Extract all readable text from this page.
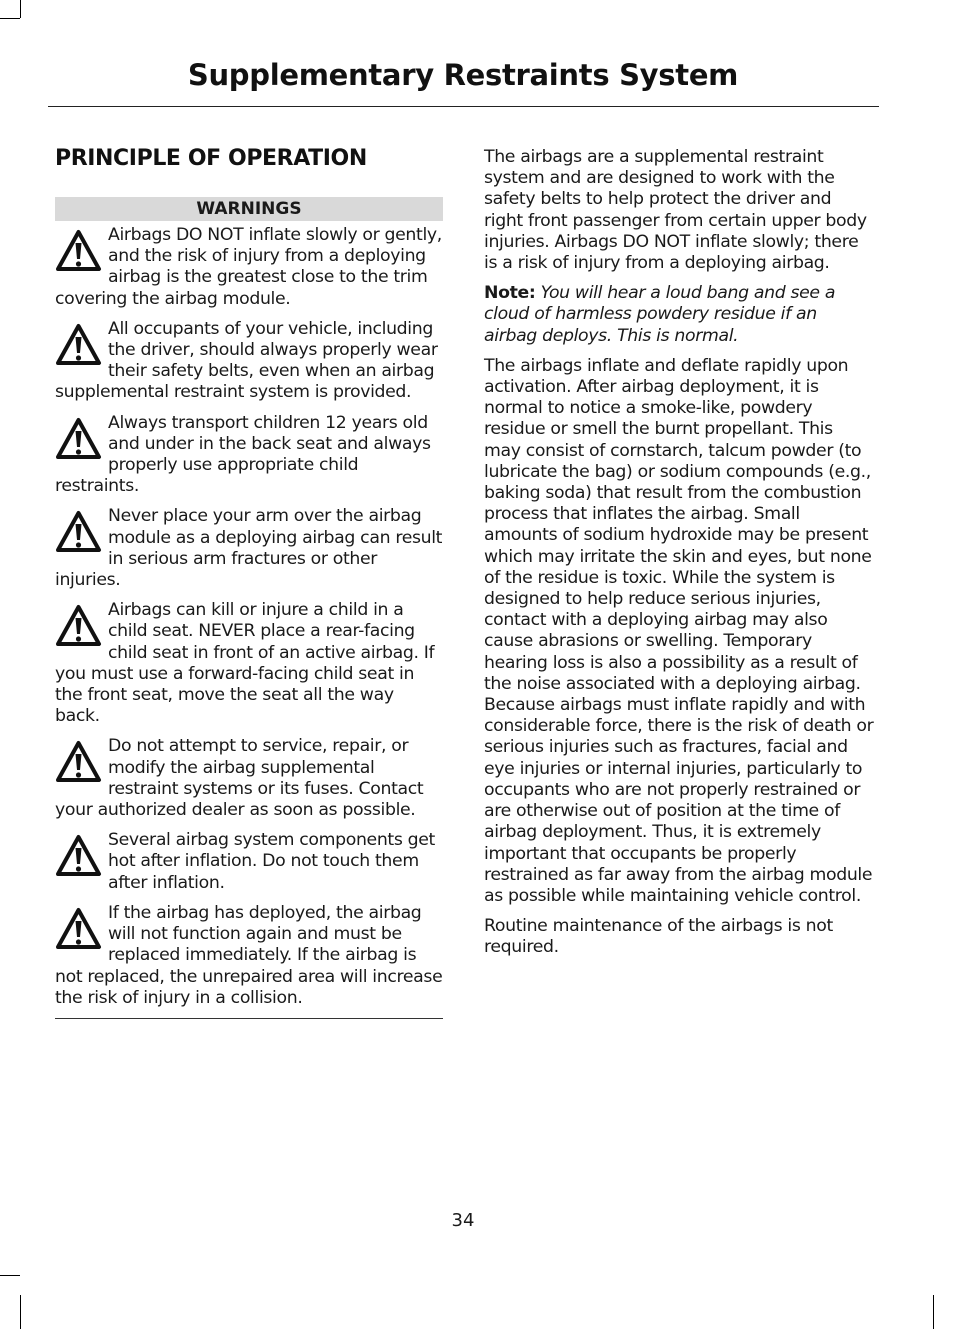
Supplementary Restraints System
PRINCIPLE OF OPERATION
WARNINGS
Airbags DO NOT inflate slowly or gently, and the risk of injury from a deploying airbag is the greatest close to the trim covering the airbag module.
All occupants of your vehicle, including the driver, should always properly wear their safety belts, even when an airbag supplemental restraint system is provided.
Always transport children 12 years old and under in the back seat and always properly use appropriate child restraints.
Never place your arm over the airbag module as a deploying airbag can result in serious arm fractures or other injuries.
Airbags can kill or injure a child in a child seat. NEVER place a rear-facing child seat in front of an active airbag. If you must use a forward-facing child seat in the front seat, move the seat all the way back.
Do not attempt to service, repair, or modify the airbag supplemental restraint systems or its fuses. Contact your authorized dealer as soon as possible.
Several airbag system components get hot after inflation. Do not touch them after inflation.
If the airbag has deployed, the airbag will not function again and must be replaced immediately. If the airbag is not replaced, the unrepaired area will increase the risk of injury in a collision.

The airbags are a supplemental restraint system and are designed to work with the safety belts to help protect the driver and right front passenger from certain upper body injuries. Airbags DO NOT inflate slowly; there is a risk of injury from a deploying airbag.

Note: You will hear a loud bang and see a cloud of harmless powdery residue if an airbag deploys. This is normal.

The airbags inflate and deflate rapidly upon activation. After airbag deployment, it is normal to notice a smoke-like, powdery residue or smell the burnt propellant. This may consist of cornstarch, talcum powder (to lubricate the bag) or sodium compounds (e.g., baking soda) that result from the combustion process that inflates the airbag. Small amounts of sodium hydroxide may be present which may irritate the skin and eyes, but none of the residue is toxic. While the system is designed to help reduce serious injuries, contact with a deploying airbag may also cause abrasions or swelling. Temporary hearing loss is also a possibility as a result of the noise associated with a deploying airbag. Because airbags must inflate rapidly and with considerable force, there is the risk of death or serious injuries such as fractures, facial and eye injuries or internal injuries, particularly to occupants who are not properly restrained or are otherwise out of position at the time of airbag deployment. Thus, it is extremely important that occupants be properly restrained as far away from the airbag module as possible while maintaining vehicle control.

Routine maintenance of the airbags is not required.

34
